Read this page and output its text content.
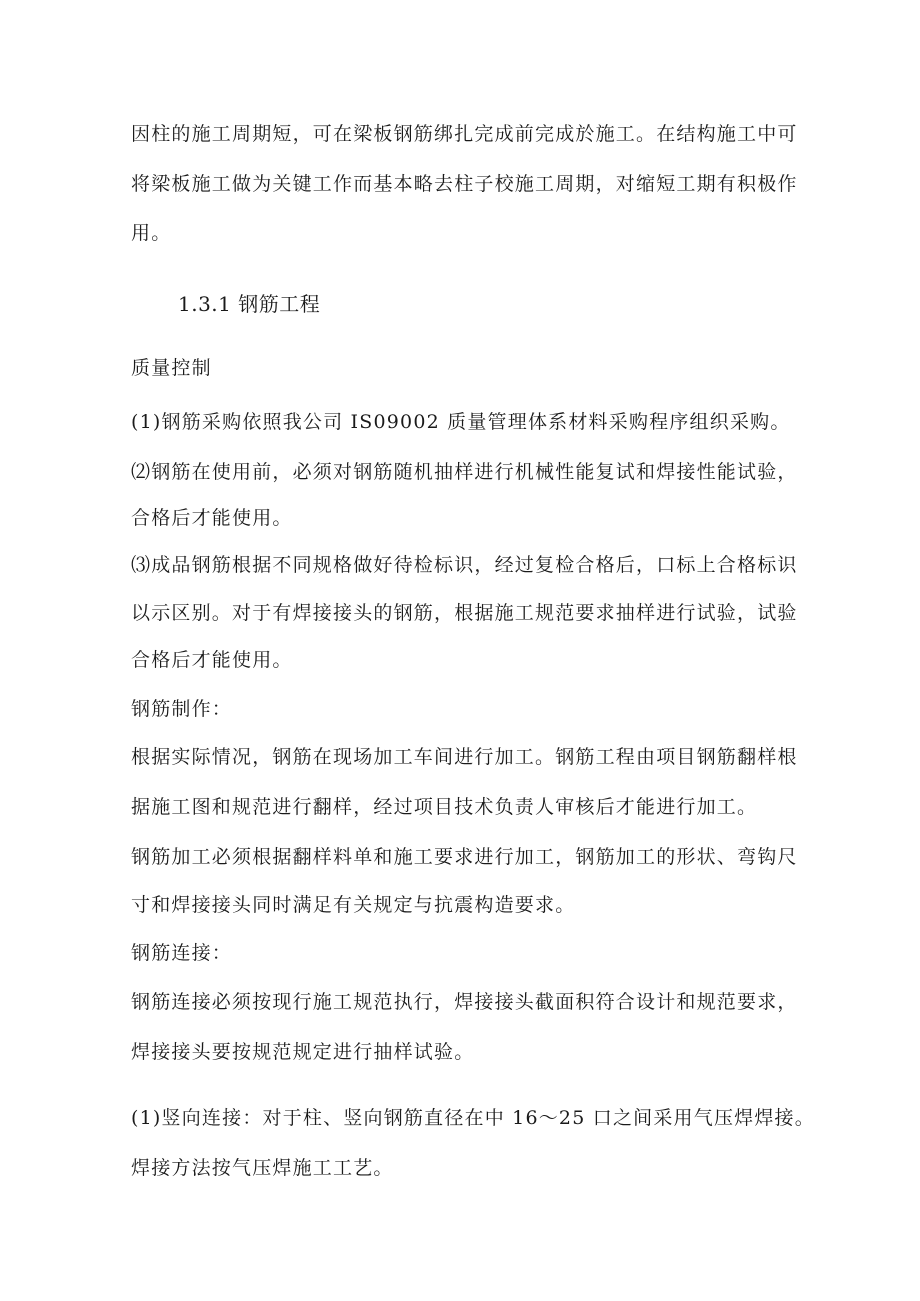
因柱的施工周期短，可在梁板钢筋绑扎完成前完成於施工。在结构施工中可
将梁板施工做为关键工作而基本略去柱子校施工周期，对缩短工期有积极作
用。
1.3.1 钢筋工程
质量控制
(1)钢筋采购依照我公司 IS09002 质量管理体系材料采购程序组织采购。
⑵钢筋在使用前，必须对钢筋随机抽样进行机械性能复试和焊接性能试验，
合格后才能使用。
⑶成品钢筋根据不同规格做好待检标识，经过复检合格后，口标上合格标识
以示区别。对于有焊接接头的钢筋，根据施工规范要求抽样进行试验，试验
合格后才能使用。
钢筋制作：
根据实际情况，钢筋在现场加工车间进行加工。钢筋工程由项目钢筋翻样根
据施工图和规范进行翻样，经过项目技术负责人审核后才能进行加工。
钢筋加工必须根据翻样料单和施工要求进行加工，钢筋加工的形状、弯钩尺
寸和焊接接头同时满足有关规定与抗震构造要求。
钢筋连接：
钢筋连接必须按现行施工规范执行，焊接接头截面积符合设计和规范要求，
焊接接头要按规范规定进行抽样试验。
(1)竖向连接：对于柱、竖向钢筋直径在中 16～25 口之间采用气压焊焊接。
焊接方法按气压焊施工工艺。
